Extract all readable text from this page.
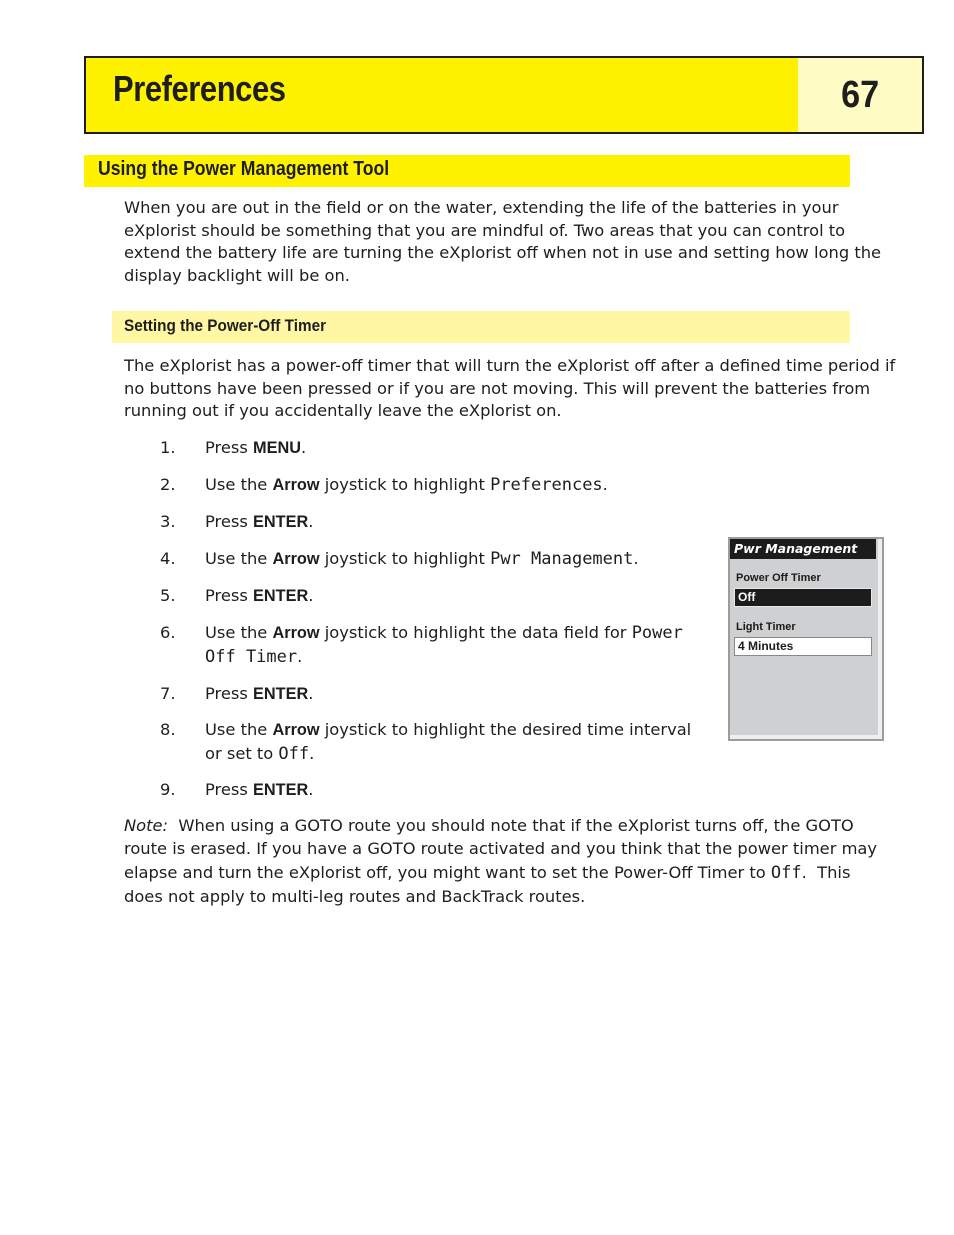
Preferences	67
Using the Power Management Tool

When you are out in the field or on the water, extending the life of the batteries in your eXplorist should be something that you are mindful of. Two areas that you can control to extend the battery life are turning the eXplorist off when not in use and setting how long the display backlight will be on.

Setting the Power-Off Timer

The eXplorist has a power-off timer that will turn the eXplorist off after a defined time period if no buttons have been pressed or if you are not moving. This will prevent the batteries from running out if you accidentally leave the eXplorist on.

1.	Press MENU.
2.	Use the Arrow joystick to highlight Preferences.
3.	Press ENTER.
4.	Use the Arrow joystick to highlight Pwr Management.
5.	Press ENTER.
6.	Use the Arrow joystick to highlight the data field for Power
Off Timer.
7.	Press ENTER.
8.	Use the Arrow joystick to highlight the desired time interval
or set to Off.
9.	Press ENTER.
Note:  When using a GOTO route you should note that if the eXplorist turns off, the GOTO
route is erased. If you have a GOTO route activated and you think that the power timer may
elapse and turn the eXplorist off, you might want to set the Power-Off Timer to Off.  This
does not apply to multi-leg routes and BackTrack routes.
Pwr Management
Power Off Timer
Off
Light Timer
4 Minutes
